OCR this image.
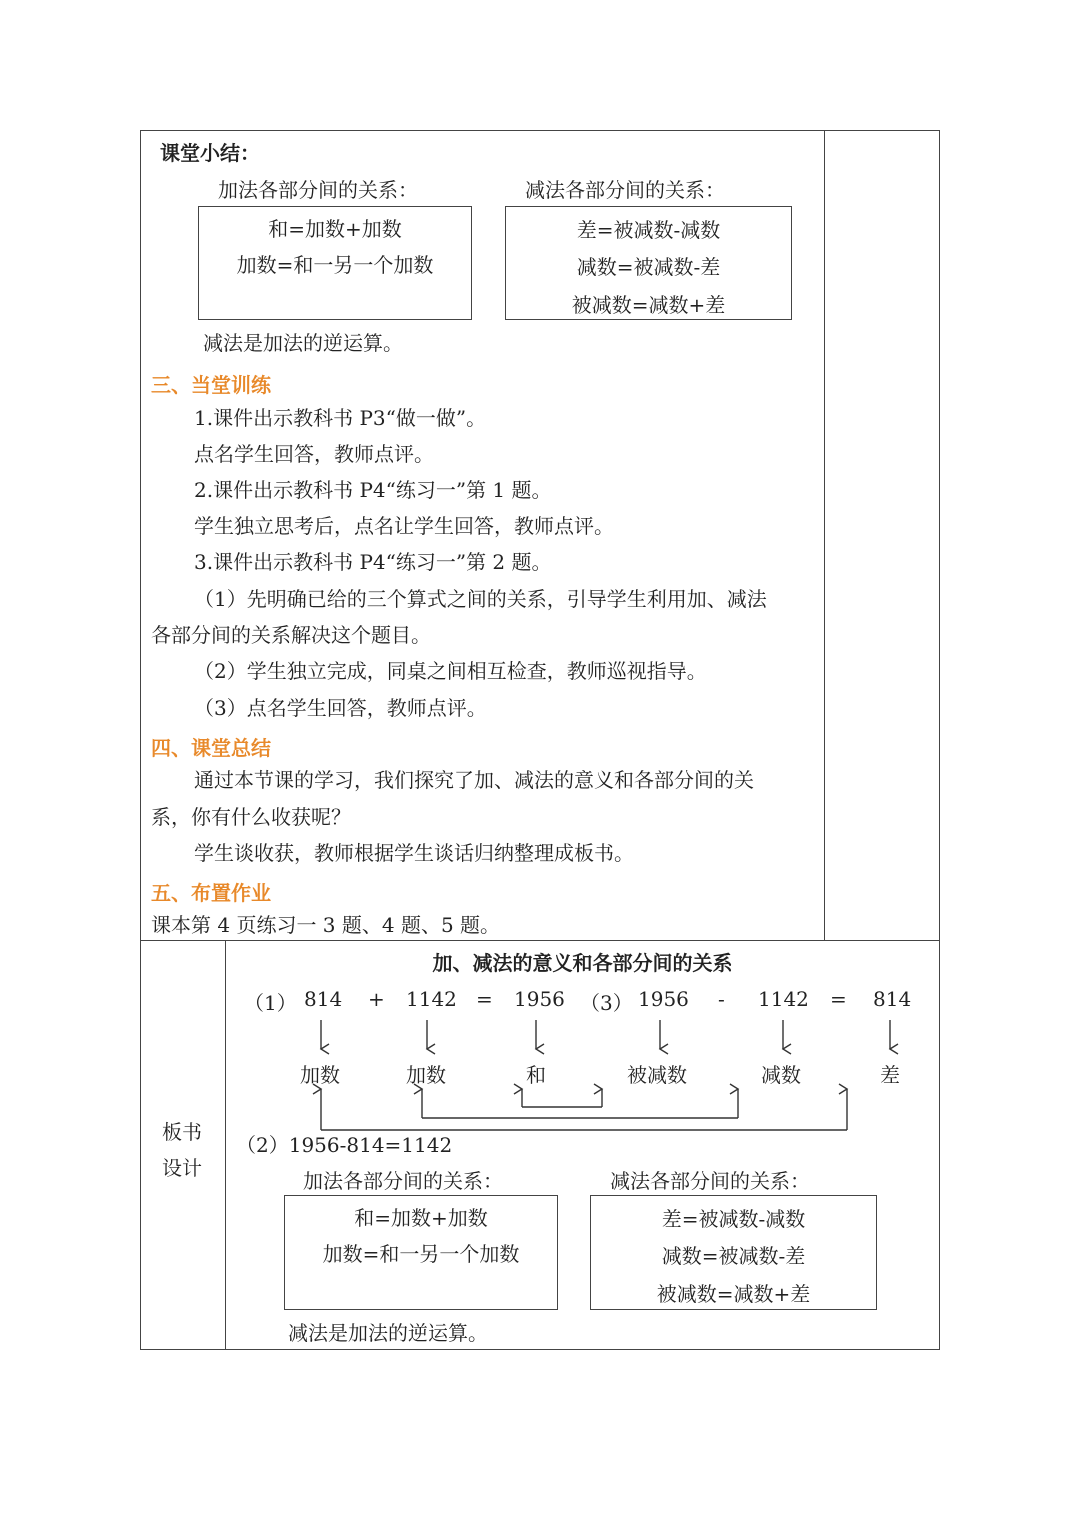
课堂小结：
加法各部分间的关系：	减法各部分间的关系：
和=加数+加数
加数=和一另一个加数
差=被减数-减数
减数=被减数-差
被减数=减数+差
减法是加法的逆运算。
三、当堂训练
1.课件出示教科书 P3“做一做”。
点名学生回答，教师点评。
2.课件出示教科书 P4“练习一”第 1 题。
学生独立思考后，点名让学生回答，教师点评。
3.课件出示教科书 P4“练习一”第 2 题。
（1）先明确已给的三个算式之间的关系，引导学生利用加、减法
各部分间的关系解决这个题目。
（2）学生独立完成，同桌之间相互检查，教师巡视指导。
（3）点名学生回答，教师点评。
四、课堂总结
通过本节课的学习，我们探究了加、减法的意义和各部分间的关
系，你有什么收获呢？
学生谈收获，教师根据学生谈话归纳整理成板书。
五、布置作业
课本第 4 页练习一 3 题、4 题、5 题。
板书
设计
加、减法的意义和各部分间的关系
（1） 814 + 1142 = 1956 （3） 1956 - 1142 = 814
加数	加数	和	被减数	减数	差
（2）1956-814=1142
加法各部分间的关系：	减法各部分间的关系：
和=加数+加数
加数=和一另一个加数
差=被减数-减数
减数=被减数-差
被减数=减数+差
减法是加法的逆运算。
